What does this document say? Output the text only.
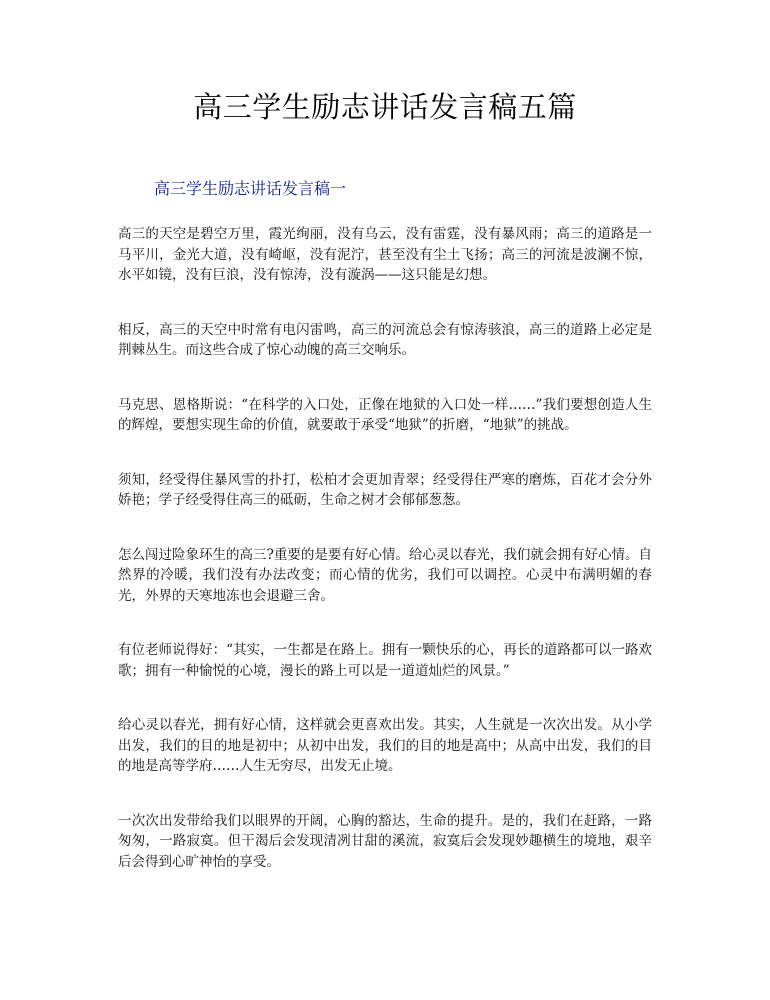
高三学生励志讲话发言稿五篇
高三学生励志讲话发言稿一

高三的天空是碧空万里，霞光绚丽，没有乌云，没有雷霆，没有暴风雨；高三的道路是一马平川，金光大道，没有崎岖，没有泥泞，甚至没有尘土飞扬；高三的河流是波澜不惊，水平如镜，没有巨浪，没有惊涛，没有漩涡——这只能是幻想。

相反，高三的天空中时常有电闪雷鸣，高三的河流总会有惊涛骇浪，高三的道路上必定是荆棘丛生。而这些合成了惊心动魄的高三交响乐。

马克思、恩格斯说：“在科学的入口处，正像在地狱的入口处一样……”我们要想创造人生的辉煌，要想实现生命的价值，就要敢于承受“地狱”的折磨，“地狱”的挑战。

须知，经受得住暴风雪的扑打，松柏才会更加青翠；经受得住严寒的磨炼，百花才会分外娇艳；学子经受得住高三的砥砺，生命之树才会郁郁葱葱。

怎么闯过险象环生的高三?重要的是要有好心情。给心灵以春光，我们就会拥有好心情。自然界的冷暖，我们没有办法改变；而心情的优劣，我们可以调控。心灵中布满明媚的春光，外界的天寒地冻也会退避三舍。

有位老师说得好：“其实，一生都是在路上。拥有一颗快乐的心，再长的道路都可以一路欢歌；拥有一种愉悦的心境，漫长的路上可以是一道道灿烂的风景。”

给心灵以春光，拥有好心情，这样就会更喜欢出发。其实，人生就是一次次出发。从小学出发，我们的目的地是初中；从初中出发，我们的目的地是高中；从高中出发，我们的目的地是高等学府……人生无穷尽，出发无止境。

一次次出发带给我们以眼界的开阔，心胸的豁达，生命的提升。是的，我们在赶路，一路匆匆，一路寂寞。但干渴后会发现清冽甘甜的溪流，寂寞后会发现妙趣横生的境地，艰辛后会得到心旷神怡的享受。
